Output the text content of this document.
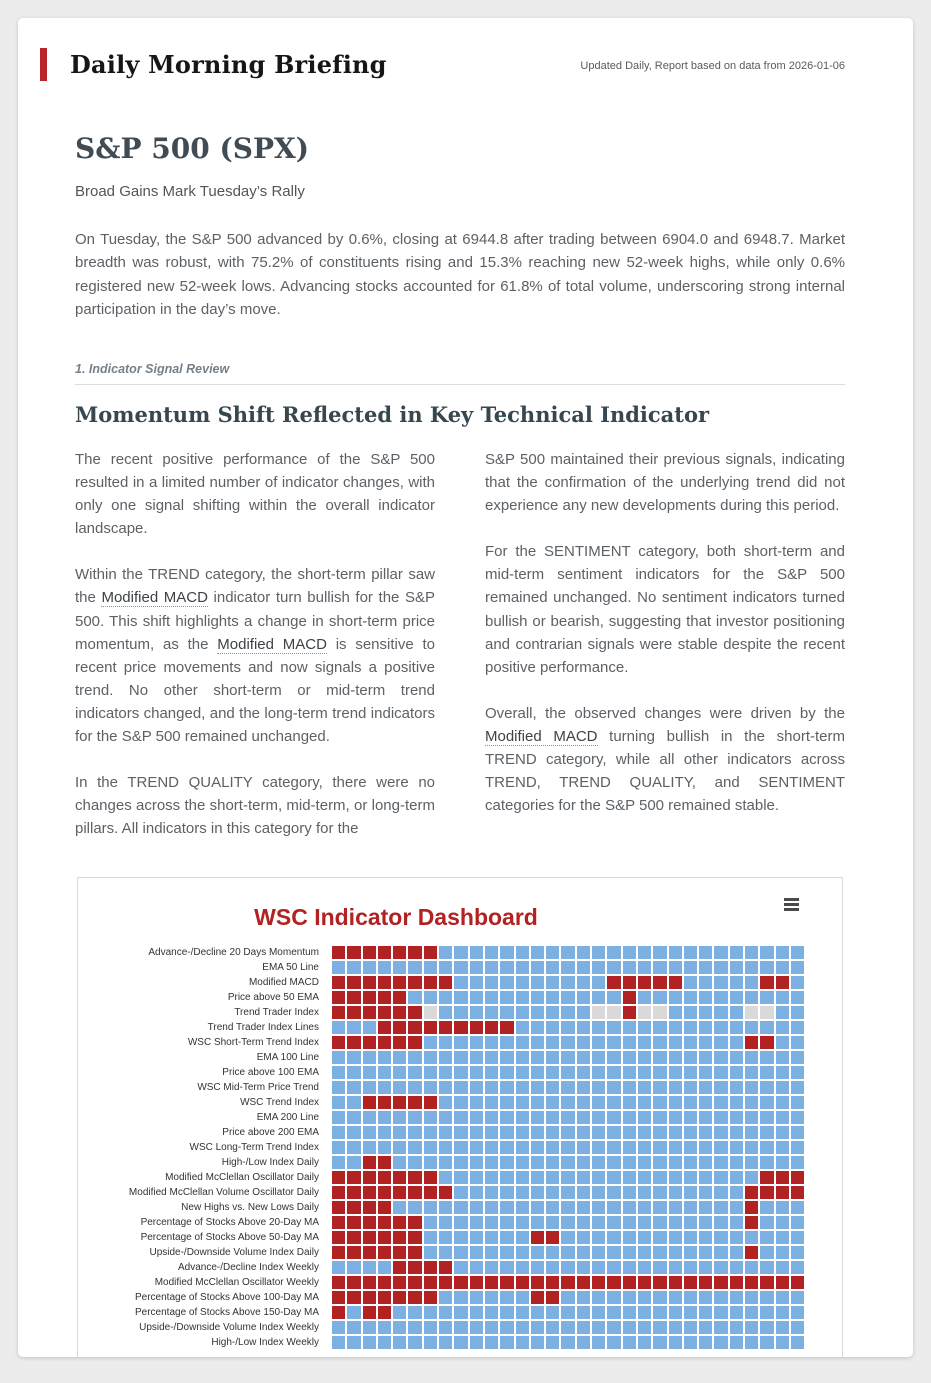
Daily Morning Briefing	Updated Daily, Report based on data from 2026-01-06
S&P 500 (SPX)
Broad Gains Mark Tuesday’s Rally

On Tuesday, the S&P 500 advanced by 0.6%, closing at 6944.8 after trading between 6904.0 and 6948.7. Market breadth was robust, with 75.2% of constituents rising and 15.3% reaching new 52-week highs, while only 0.6% registered new 52-week lows. Advancing stocks accounted for 61.8% of total volume, underscoring strong internal participation in the day’s move.

1. Indicator Signal Review
Momentum Shift Reflected in Key Technical Indicator

The recent positive performance of the S&P 500 resulted in a limited number of indicator changes, with only one signal shifting within the overall indicator landscape.

Within the TREND category, the short-term pillar saw the Modified MACD indicator turn bullish for the S&P 500. This shift highlights a change in short-term price momentum, as the Modified MACD is sensitive to recent price movements and now signals a positive trend. No other short-term or mid-term trend indicators changed, and the long-term trend indicators for the S&P 500 remained unchanged.

In the TREND QUALITY category, there were no changes across the short-term, mid-term, or long-term pillars. All indicators in this category for the

S&P 500 maintained their previous signals, indicating that the confirmation of the underlying trend did not experience any new developments during this period.

For the SENTIMENT category, both short-term and mid-term sentiment indicators for the S&P 500 remained unchanged. No sentiment indicators turned bullish or bearish, suggesting that investor positioning and contrarian signals were stable despite the recent positive performance.

Overall, the observed changes were driven by the Modified MACD turning bullish in the short-term TREND category, while all other indicators across TREND, TREND QUALITY, and SENTIMENT categories for the S&P 500 remained stable.

WSC Indicator Dashboard
Advance-/Decline 20 Days Momentum
EMA 50 Line
Modified MACD
Price above 50 EMA
Trend Trader Index
Trend Trader Index Lines
WSC Short-Term Trend Index
EMA 100 Line
Price above 100 EMA
WSC Mid-Term Price Trend
WSC Trend Index
EMA 200 Line
Price above 200 EMA
WSC Long-Term Trend Index
High-/Low Index Daily
Modified McClellan Oscillator Daily
Modified McClellan Volume Oscillator Daily
New Highs vs. New Lows Daily
Percentage of Stocks Above 20-Day MA
Percentage of Stocks Above 50-Day MA
Upside-/Downside Volume Index Daily
Advance-/Decline Index Weekly
Modified McClellan Oscillator Weekly
Percentage of Stocks Above 100-Day MA
Percentage of Stocks Above 150-Day MA
Upside-/Downside Volume Index Weekly
High-/Low Index Weekly
